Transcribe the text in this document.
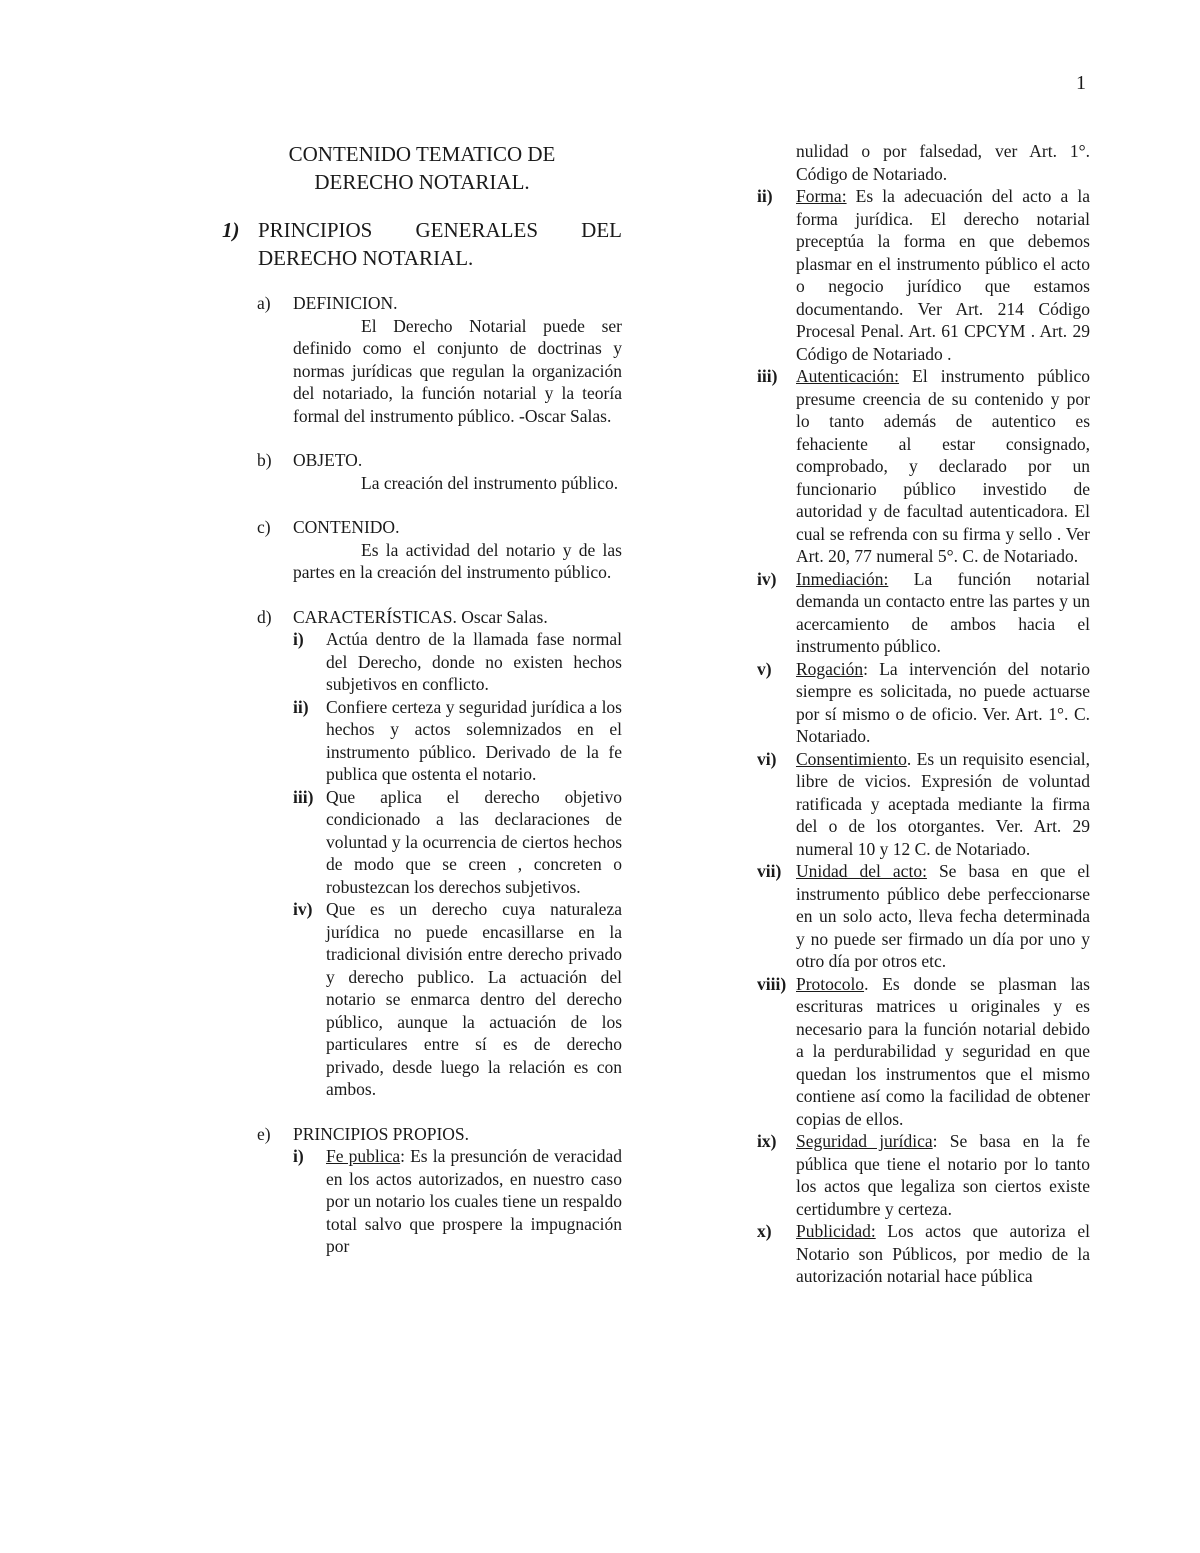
1
CONTENIDO TEMATICO DE
DERECHO NOTARIAL.
1) PRINCIPIOS GENERALES DEL DERECHO NOTARIAL.
a)	DEFINICION.
El Derecho Notarial puede ser definido como el conjunto de doctrinas y normas jurídicas que regulan la organización del notariado, la función notarial y la teoría formal del instrumento público. -Oscar Salas.
b)	OBJETO.
La creación del instrumento público.
c)	CONTENIDO.
Es la actividad del notario y de las partes en la creación del instrumento público.
d)	CARACTERÍSTICAS. Oscar Salas.
i)	Actúa dentro de la llamada fase normal del Derecho, donde no existen hechos subjetivos en conflicto.
ii) Confiere certeza y seguridad jurídica a los hechos y actos solemnizados en el instrumento público. Derivado de la fe publica que ostenta el notario.
iii) Que aplica el derecho objetivo condicionado a las declaraciones de voluntad y la ocurrencia de ciertos hechos de modo que se creen , concreten o robustezcan los derechos subjetivos.
iv) Que es un derecho cuya naturaleza jurídica no puede encasillarse en la tradicional división entre derecho privado y derecho publico. La actuación del notario se enmarca dentro del derecho público, aunque la actuación de los particulares entre sí es de derecho privado, desde luego la relación es con ambos.
e)	PRINCIPIOS PROPIOS.
i)	Fe publica: Es la presunción de veracidad en los actos autorizados, en nuestro caso por un notario los cuales tiene un respaldo total salvo que prospere la impugnación por
nulidad o por falsedad, ver Art. 1°. Código de Notariado.
ii)	Forma: Es la adecuación del acto a la forma jurídica. El derecho notarial preceptúa la forma en que debemos plasmar en el instrumento público el acto o negocio jurídico que estamos documentando. Ver Art. 214 Código Procesal Penal. Art. 61 CPCYM . Art. 29 Código de Notariado .
iii)	Autenticación: El instrumento público presume creencia de su contenido y por lo tanto además de autentico es fehaciente al estar consignado, comprobado, y declarado por un funcionario público investido de autoridad y de facultad autenticadora. El cual se refrenda con su firma y sello . Ver Art. 20, 77 numeral 5°. C. de Notariado.
iv)	Inmediación: La función notarial demanda un contacto entre las partes y un acercamiento de ambos hacia el instrumento público.
v)	Rogación: La intervención del notario siempre es solicitada, no puede actuarse por sí mismo o de oficio. Ver. Art. 1°. C. Notariado.
vi)	Consentimiento. Es un requisito esencial, libre de vicios. Expresión de voluntad ratificada y aceptada mediante la firma del o de los otorgantes. Ver. Art. 29 numeral 10 y 12 C. de Notariado.
vii) Unidad del acto: Se basa en que el instrumento público debe perfeccionarse en un solo acto, lleva fecha determinada y no puede ser firmado un día por uno y otro día por otros etc.
viii) Protocolo. Es donde se plasman las escrituras matrices u originales y es necesario para la función notarial debido a la perdurabilidad y seguridad en que quedan los instrumentos que el mismo contiene así como la facilidad de obtener copias de ellos.
ix)	Seguridad jurídica: Se basa en la fe pública que tiene el notario por lo tanto los actos que legaliza son ciertos existe certidumbre y certeza.
x)	Publicidad: Los actos que autoriza el Notario son Públicos, por medio de la autorización notarial hace pública
